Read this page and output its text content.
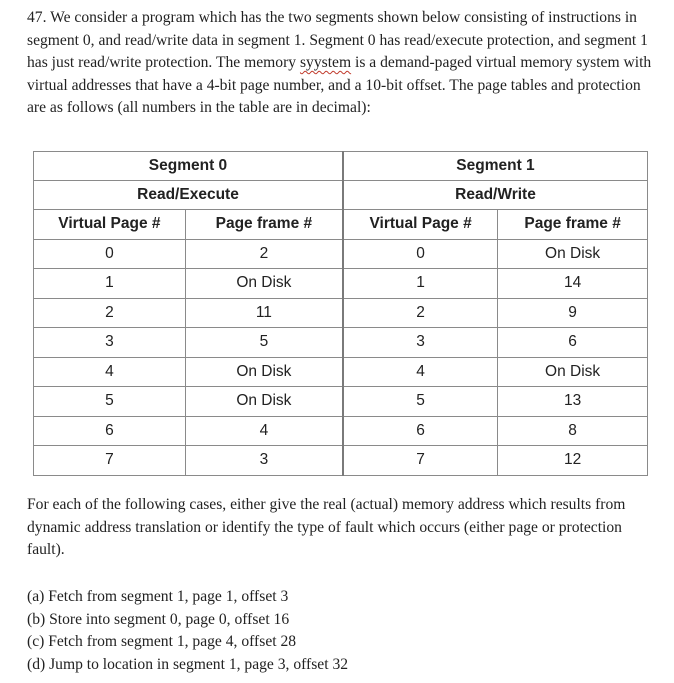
47. We consider a program which has the two segments shown below consisting of instructions in segment 0, and read/write data in segment 1. Segment 0 has read/execute protection, and segment 1 has just read/write protection. The memory syystem is a demand-paged virtual memory system with virtual addresses that have a 4-bit page number, and a 10-bit offset. The page tables and protection are as follows (all numbers in the table are in decimal):

Segment 0		Segment 1	
Read/Execute		Read/Write	
Virtual Page #	Page frame #	Virtual Page #	Page frame #
0	2	0	On Disk
1	On Disk	1	14
2	11	2	9
3	5	3	6
4	On Disk	4	On Disk
5	On Disk	5	13
6	4	6	8
7	3	7	12

For each of the following cases, either give the real (actual) memory address which results from dynamic address translation or identify the type of fault which occurs (either page or protection fault).

(a) Fetch from segment 1, page 1, offset 3
(b) Store into segment 0, page 0, offset 16
(c) Fetch from segment 1, page 4, offset 28
(d) Jump to location in segment 1, page 3, offset 32
